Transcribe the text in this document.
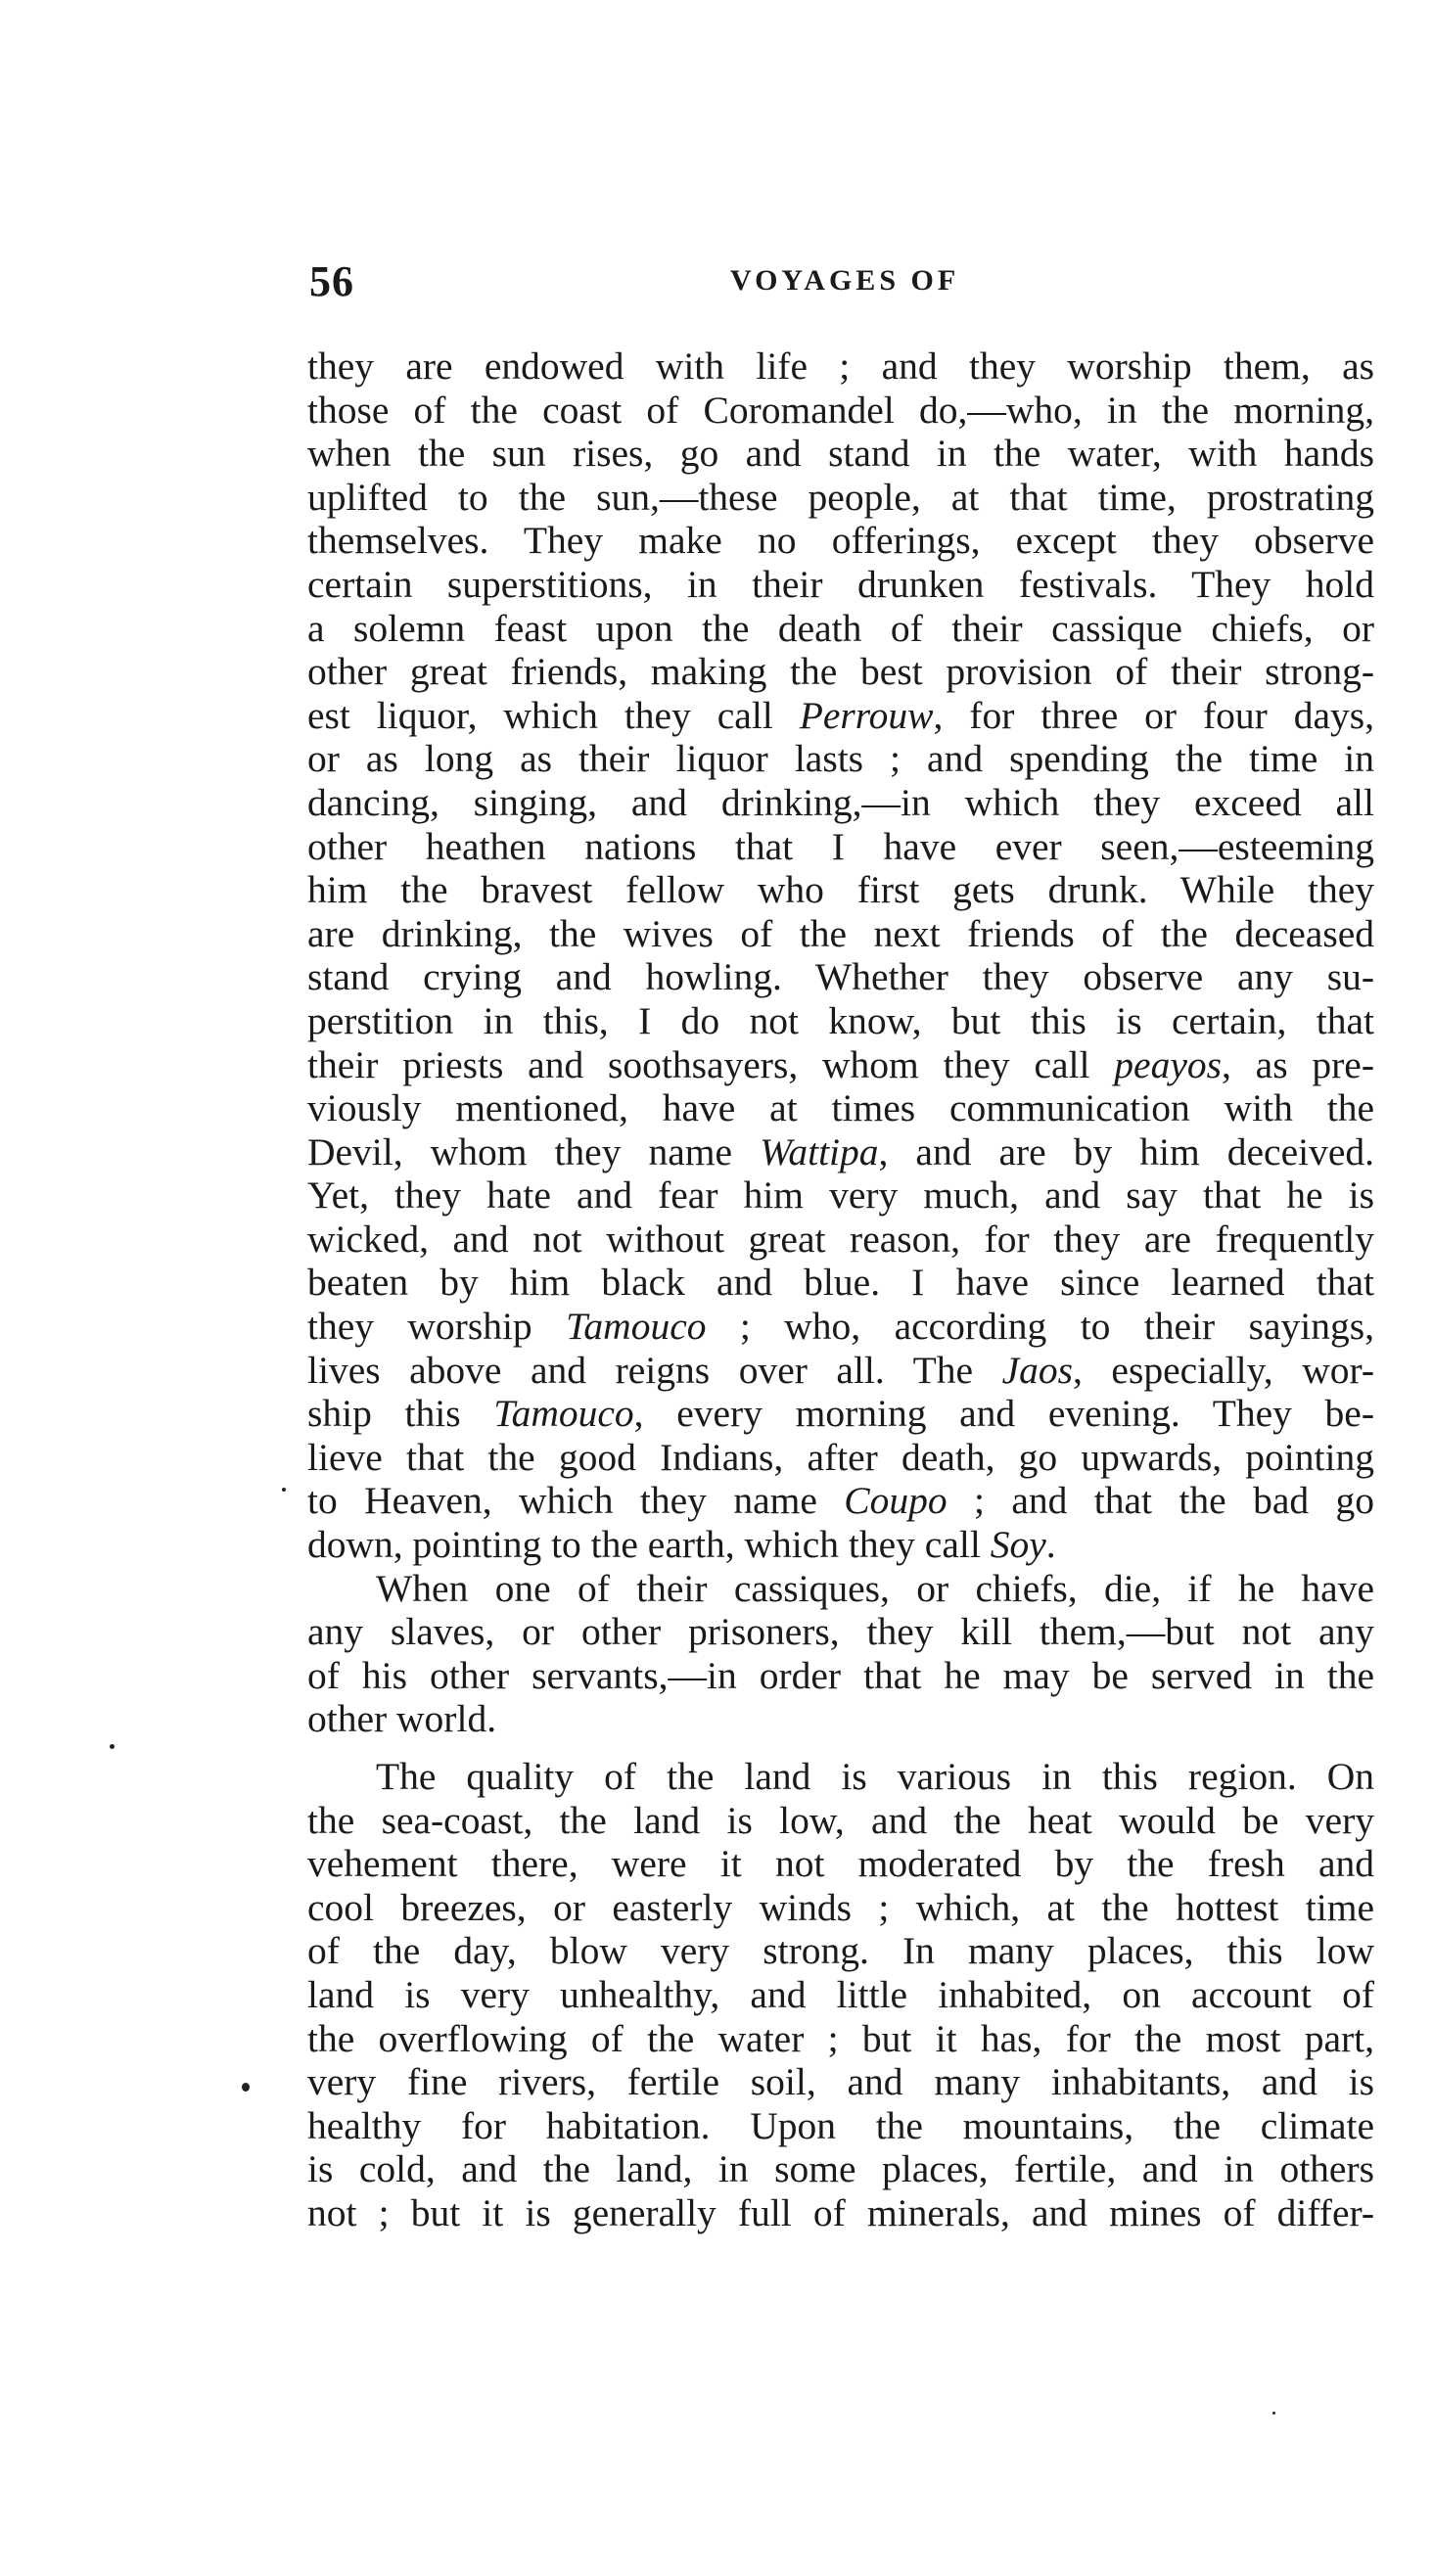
56	VOYAGES OF
they are endowed with life ; and they worship them, as
those of the coast of Coromandel do,—who, in the morning,
when the sun rises, go and stand in the water, with hands
uplifted to the sun,—these people, at that time, prostrating
themselves. They make no offerings, except they observe
certain superstitions, in their drunken festivals. They hold
a solemn feast upon the death of their cassique chiefs, or
other great friends, making the best provision of their strong-
est liquor, which they call Perrouw, for three or four days,
or as long as their liquor lasts ; and spending the time in
dancing, singing, and drinking,—in which they exceed all
other heathen nations that I have ever seen,—esteeming
him the bravest fellow who first gets drunk. While they
are drinking, the wives of the next friends of the deceased
stand crying and howling. Whether they observe any su-
perstition in this, I do not know, but this is certain, that
their priests and soothsayers, whom they call peayos, as pre-
viously mentioned, have at times communication with the
Devil, whom they name Wattipa, and are by him deceived.
Yet, they hate and fear him very much, and say that he is
wicked, and not without great reason, for they are frequently
beaten by him black and blue. I have since learned that
they worship Tamouco ; who, according to their sayings,
lives above and reigns over all. The Jaos, especially, wor-
ship this Tamouco, every morning and evening. They be-
lieve that the good Indians, after death, go upwards, pointing
to Heaven, which they name Coupo ; and that the bad go
down, pointing to the earth, which they call Soy.
When one of their cassiques, or chiefs, die, if he have
any slaves, or other prisoners, they kill them,—but not any
of his other servants,—in order that he may be served in the
other world.
The quality of the land is various in this region. On
the sea-coast, the land is low, and the heat would be very
vehement there, were it not moderated by the fresh and
cool breezes, or easterly winds ; which, at the hottest time
of the day, blow very strong. In many places, this low
land is very unhealthy, and little inhabited, on account of
the overflowing of the water ; but it has, for the most part,
very fine rivers, fertile soil, and many inhabitants, and is
healthy for habitation. Upon the mountains, the climate
is cold, and the land, in some places, fertile, and in others
not ; but it is generally full of minerals, and mines of differ-
